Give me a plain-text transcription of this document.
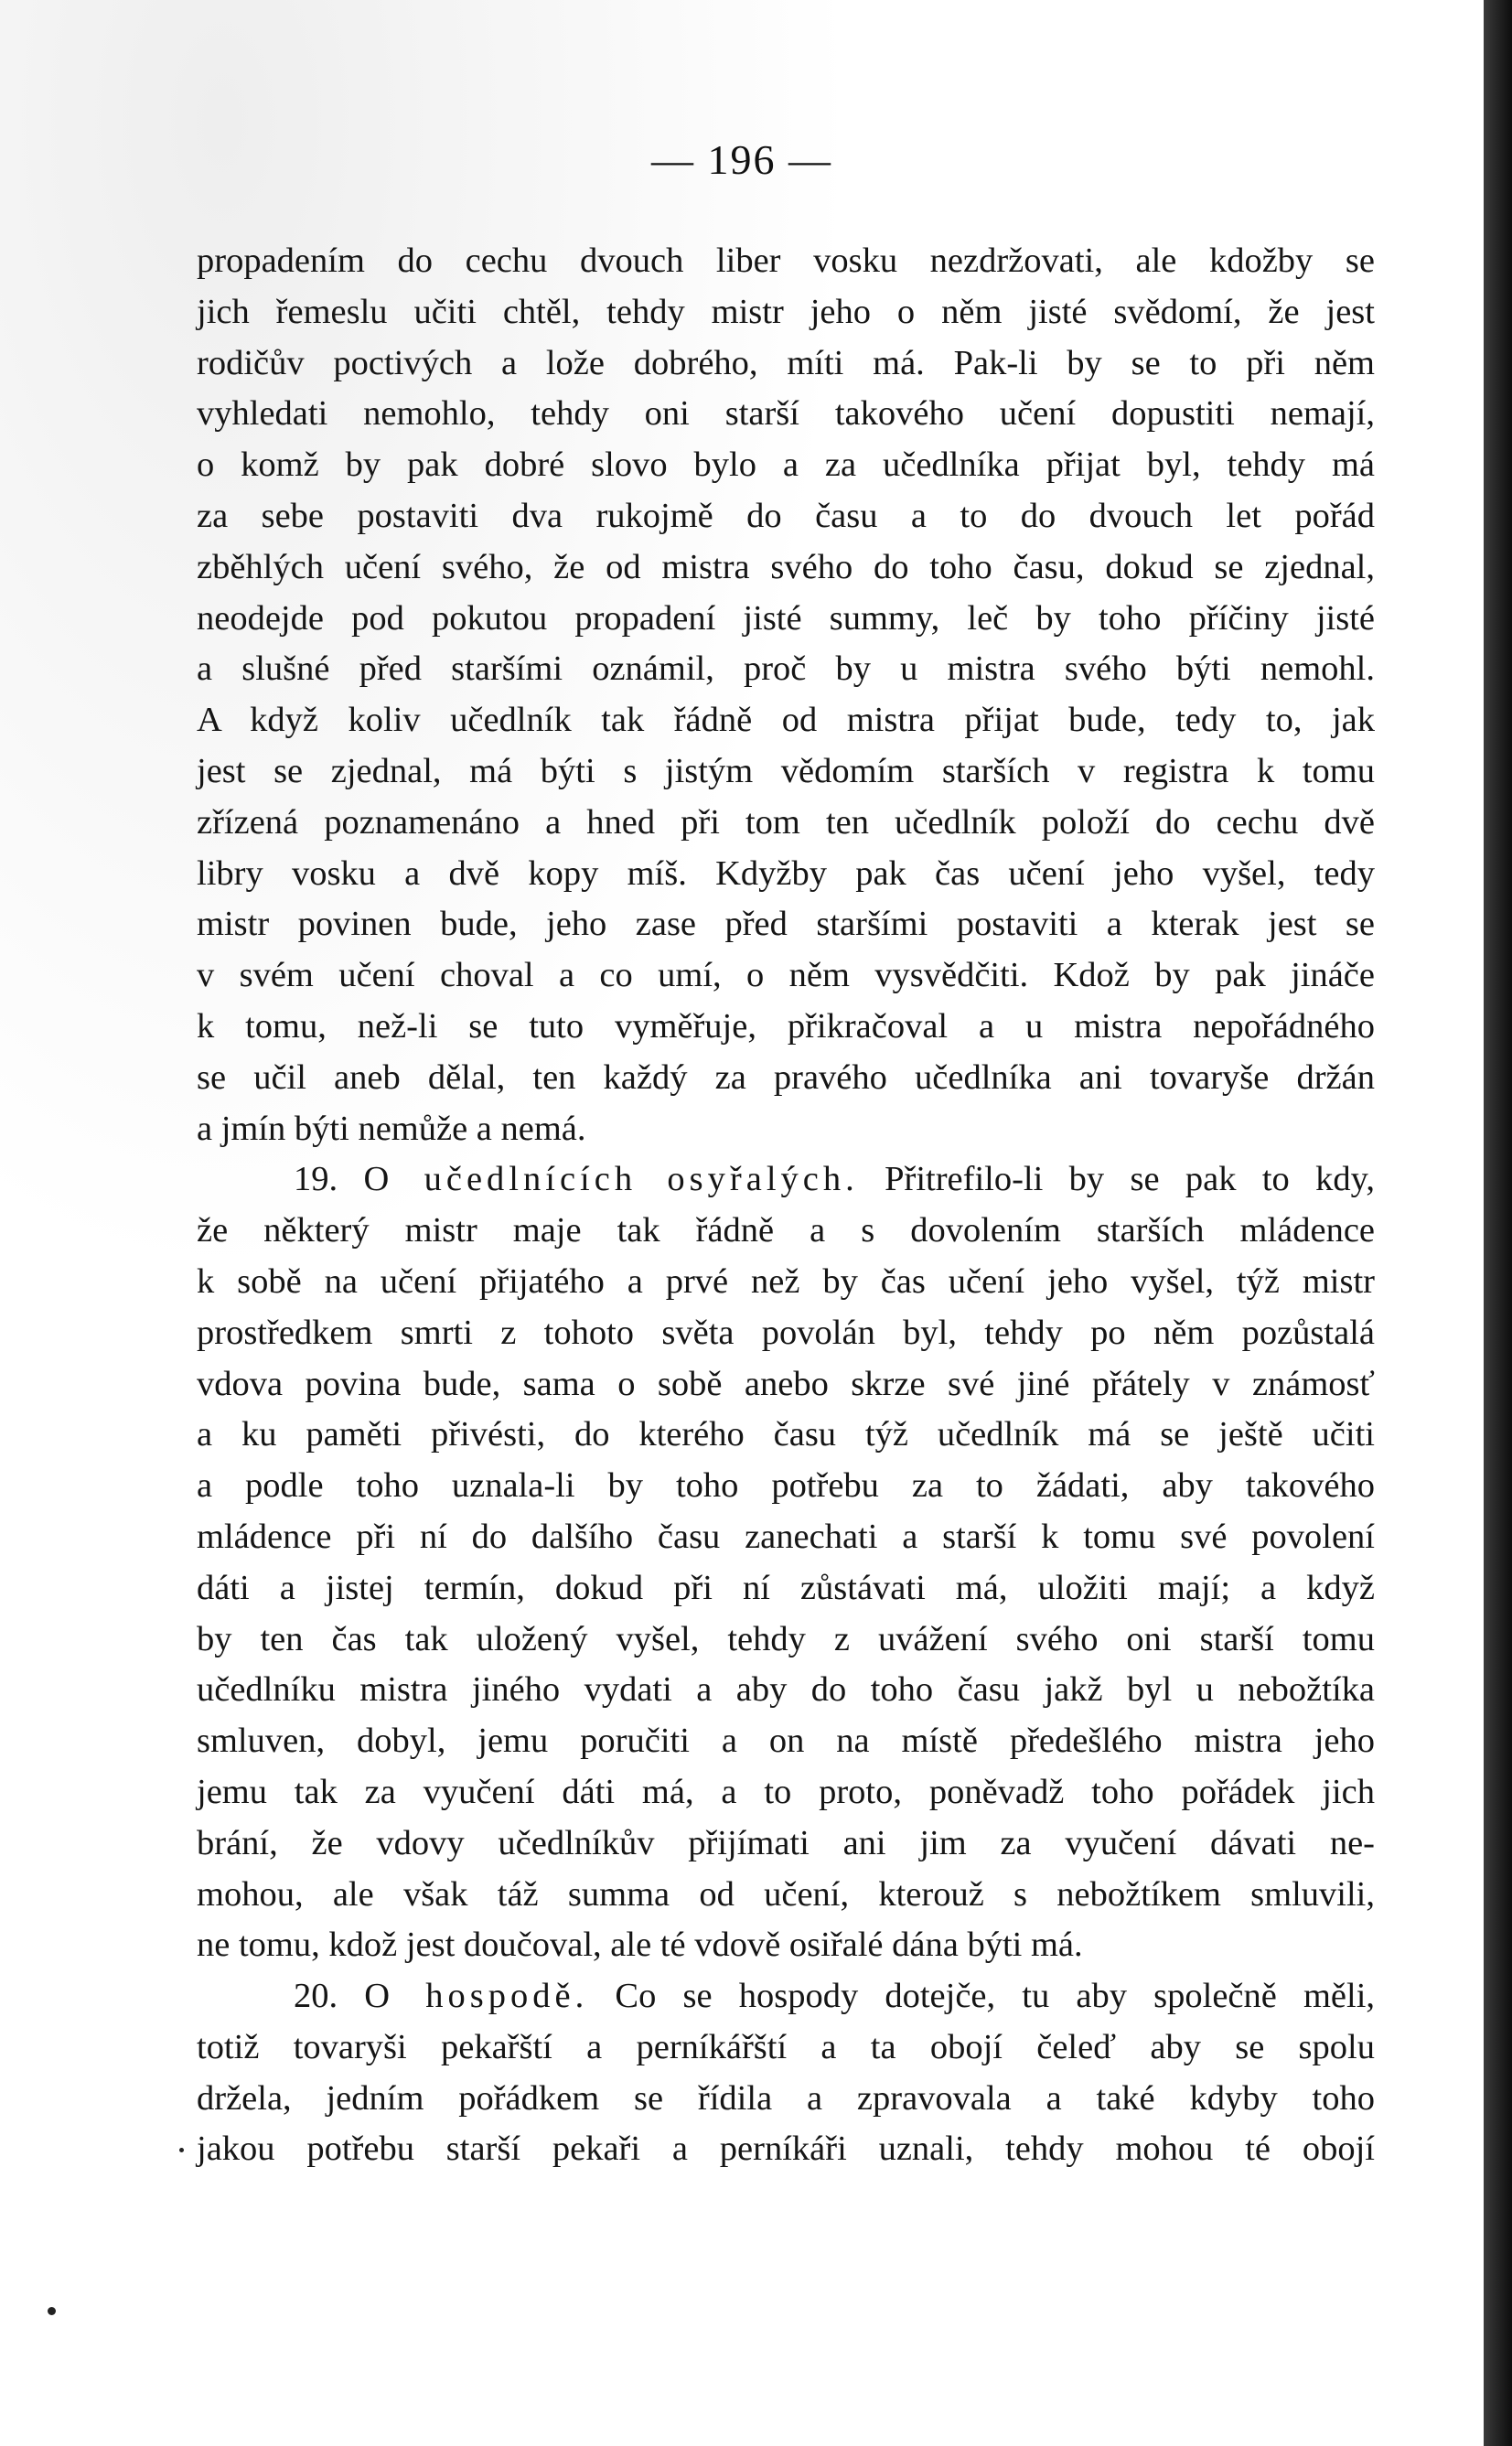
— 196 —
propadením do cechu dvouch liber vosku nezdržovati, ale kdožby se
jich řemeslu učiti chtěl, tehdy mistr jeho o něm jisté svědomí, že jest
rodičův poctivých a lože dobrého, míti má. Pak-li by se to při něm
vyhledati nemohlo, tehdy oni starší takového učení dopustiti nemají,
o komž by pak dobré slovo bylo a za učedlníka přijat byl, tehdy má
za sebe postaviti dva rukojmě do času a to do dvouch let pořád
zběhlých učení svého, že od mistra svého do toho času, dokud se zjednal,
neodejde pod pokutou propadení jisté summy, leč by toho příčiny jisté
a slušné před staršími oznámil, proč by u mistra svého býti nemohl.
A když koliv učedlník tak řádně od mistra přijat bude, tedy to, jak
jest se zjednal, má býti s jistým vědomím starších v registra k tomu
zřízená poznamenáno a hned při tom ten učedlník položí do cechu dvě
libry vosku a dvě kopy míš. Kdyžby pak čas učení jeho vyšel, tedy
mistr povinen bude, jeho zase před staršími postaviti a kterak jest se
v svém učení choval a co umí, o něm vysvědčiti. Kdož by pak jináče
k tomu, než-li se tuto vyměřuje, přikračoval a u mistra nepořádného
se učil aneb dělal, ten každý za pravého učedlníka ani tovaryše držán
a jmín býti nemůže a nemá.
19. O učedlnících osyřalých. Přitrefilo-li by se pak to kdy,
že některý mistr maje tak řádně a s dovolením starších mládence
k sobě na učení přijatého a prvé než by čas učení jeho vyšel, týž mistr
prostředkem smrti z tohoto světa povolán byl, tehdy po něm pozůstalá
vdova povina bude, sama o sobě anebo skrze své jiné přátely v známosť
a ku paměti přivésti, do kterého času týž učedlník má se ještě učiti
a podle toho uznala-li by toho potřebu za to žádati, aby takového
mládence při ní do dalšího času zanechati a starší k tomu své povolení
dáti a jistej termín, dokud při ní zůstávati má, uložiti mají; a když
by ten čas tak uložený vyšel, tehdy z uvážení svého oni starší tomu
učedlníku mistra jiného vydati a aby do toho času jakž byl u nebožtíka
smluven, dobyl, jemu poručiti a on na místě předešlého mistra jeho
jemu tak za vyučení dáti má, a to proto, poněvadž toho pořádek jich
brání, že vdovy učedlníkův přijímati ani jim za vyučení dávati ne-
mohou, ale však táž summa od učení, kterouž s nebožtíkem smluvili,
ne tomu, kdož jest doučoval, ale té vdově osiřalé dána býti má.
20. O hospodě. Co se hospody dotejče, tu aby společně měli,
totiž tovaryši pekařští a perníkářští a ta obojí čeleď aby se spolu
držela, jedním pořádkem se řídila a zpravovala a také kdyby toho
jakou potřebu starší pekaři a perníkáři uznali, tehdy mohou té obojí
